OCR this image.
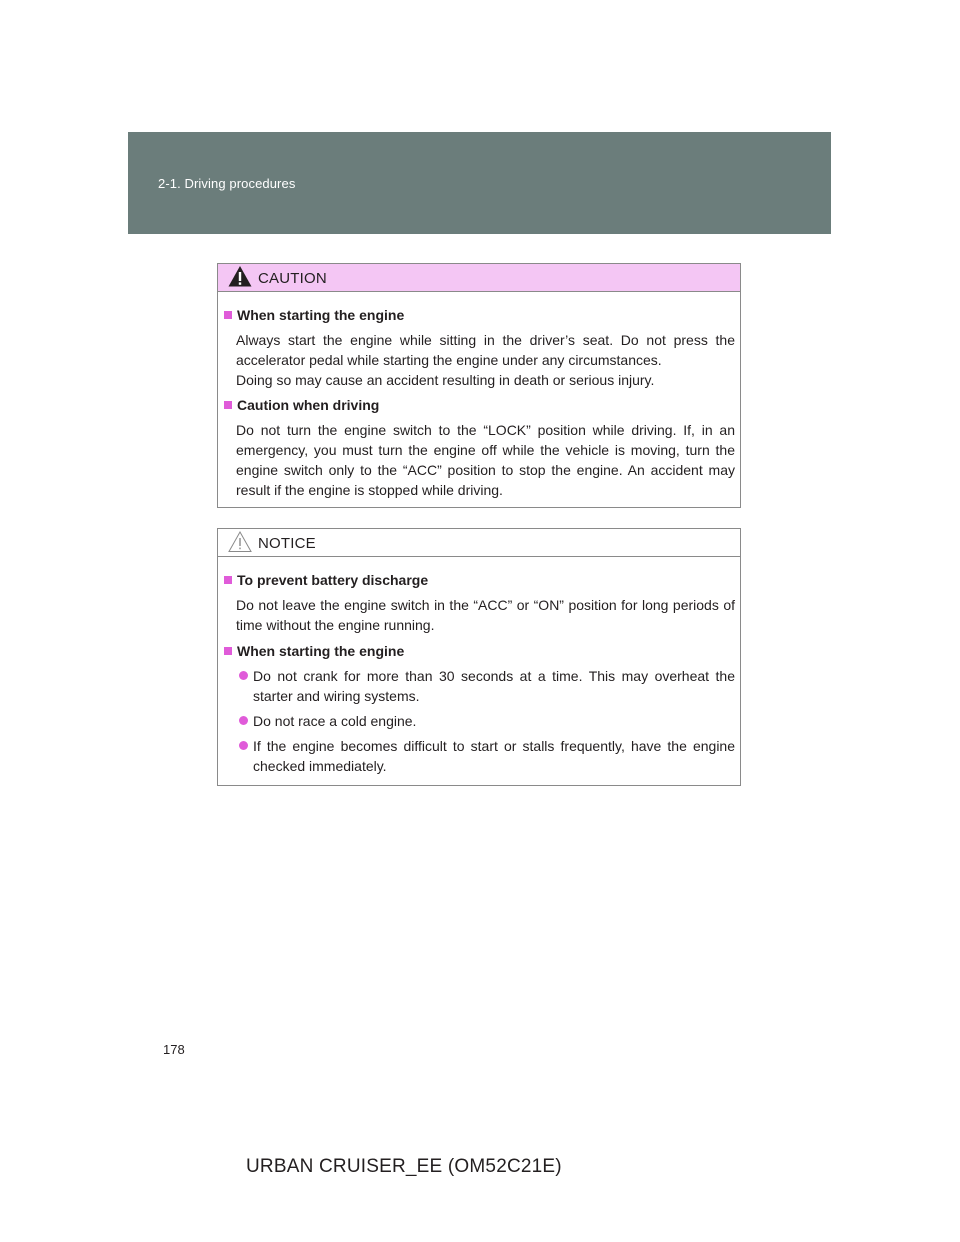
2-1. Driving procedures
CAUTION
When starting the engine
Always start the engine while sitting in the driver’s seat. Do not press the accelerator pedal while starting the engine under any circumstances.
Doing so may cause an accident resulting in death or serious injury.
Caution when driving
Do not turn the engine switch to the “LOCK” position while driving. If, in an emergency, you must turn the engine off while the vehicle is moving, turn the engine switch only to the “ACC” position to stop the engine. An accident may result if the engine is stopped while driving.
NOTICE
To prevent battery discharge
Do not leave the engine switch in the “ACC” or “ON” position for long periods of time without the engine running.
When starting the engine
Do not crank for more than 30 seconds at a time. This may overheat the starter and wiring systems.
Do not race a cold engine.
If the engine becomes difficult to start or stalls frequently, have the engine checked immediately.
178
URBAN CRUISER_EE (OM52C21E)
